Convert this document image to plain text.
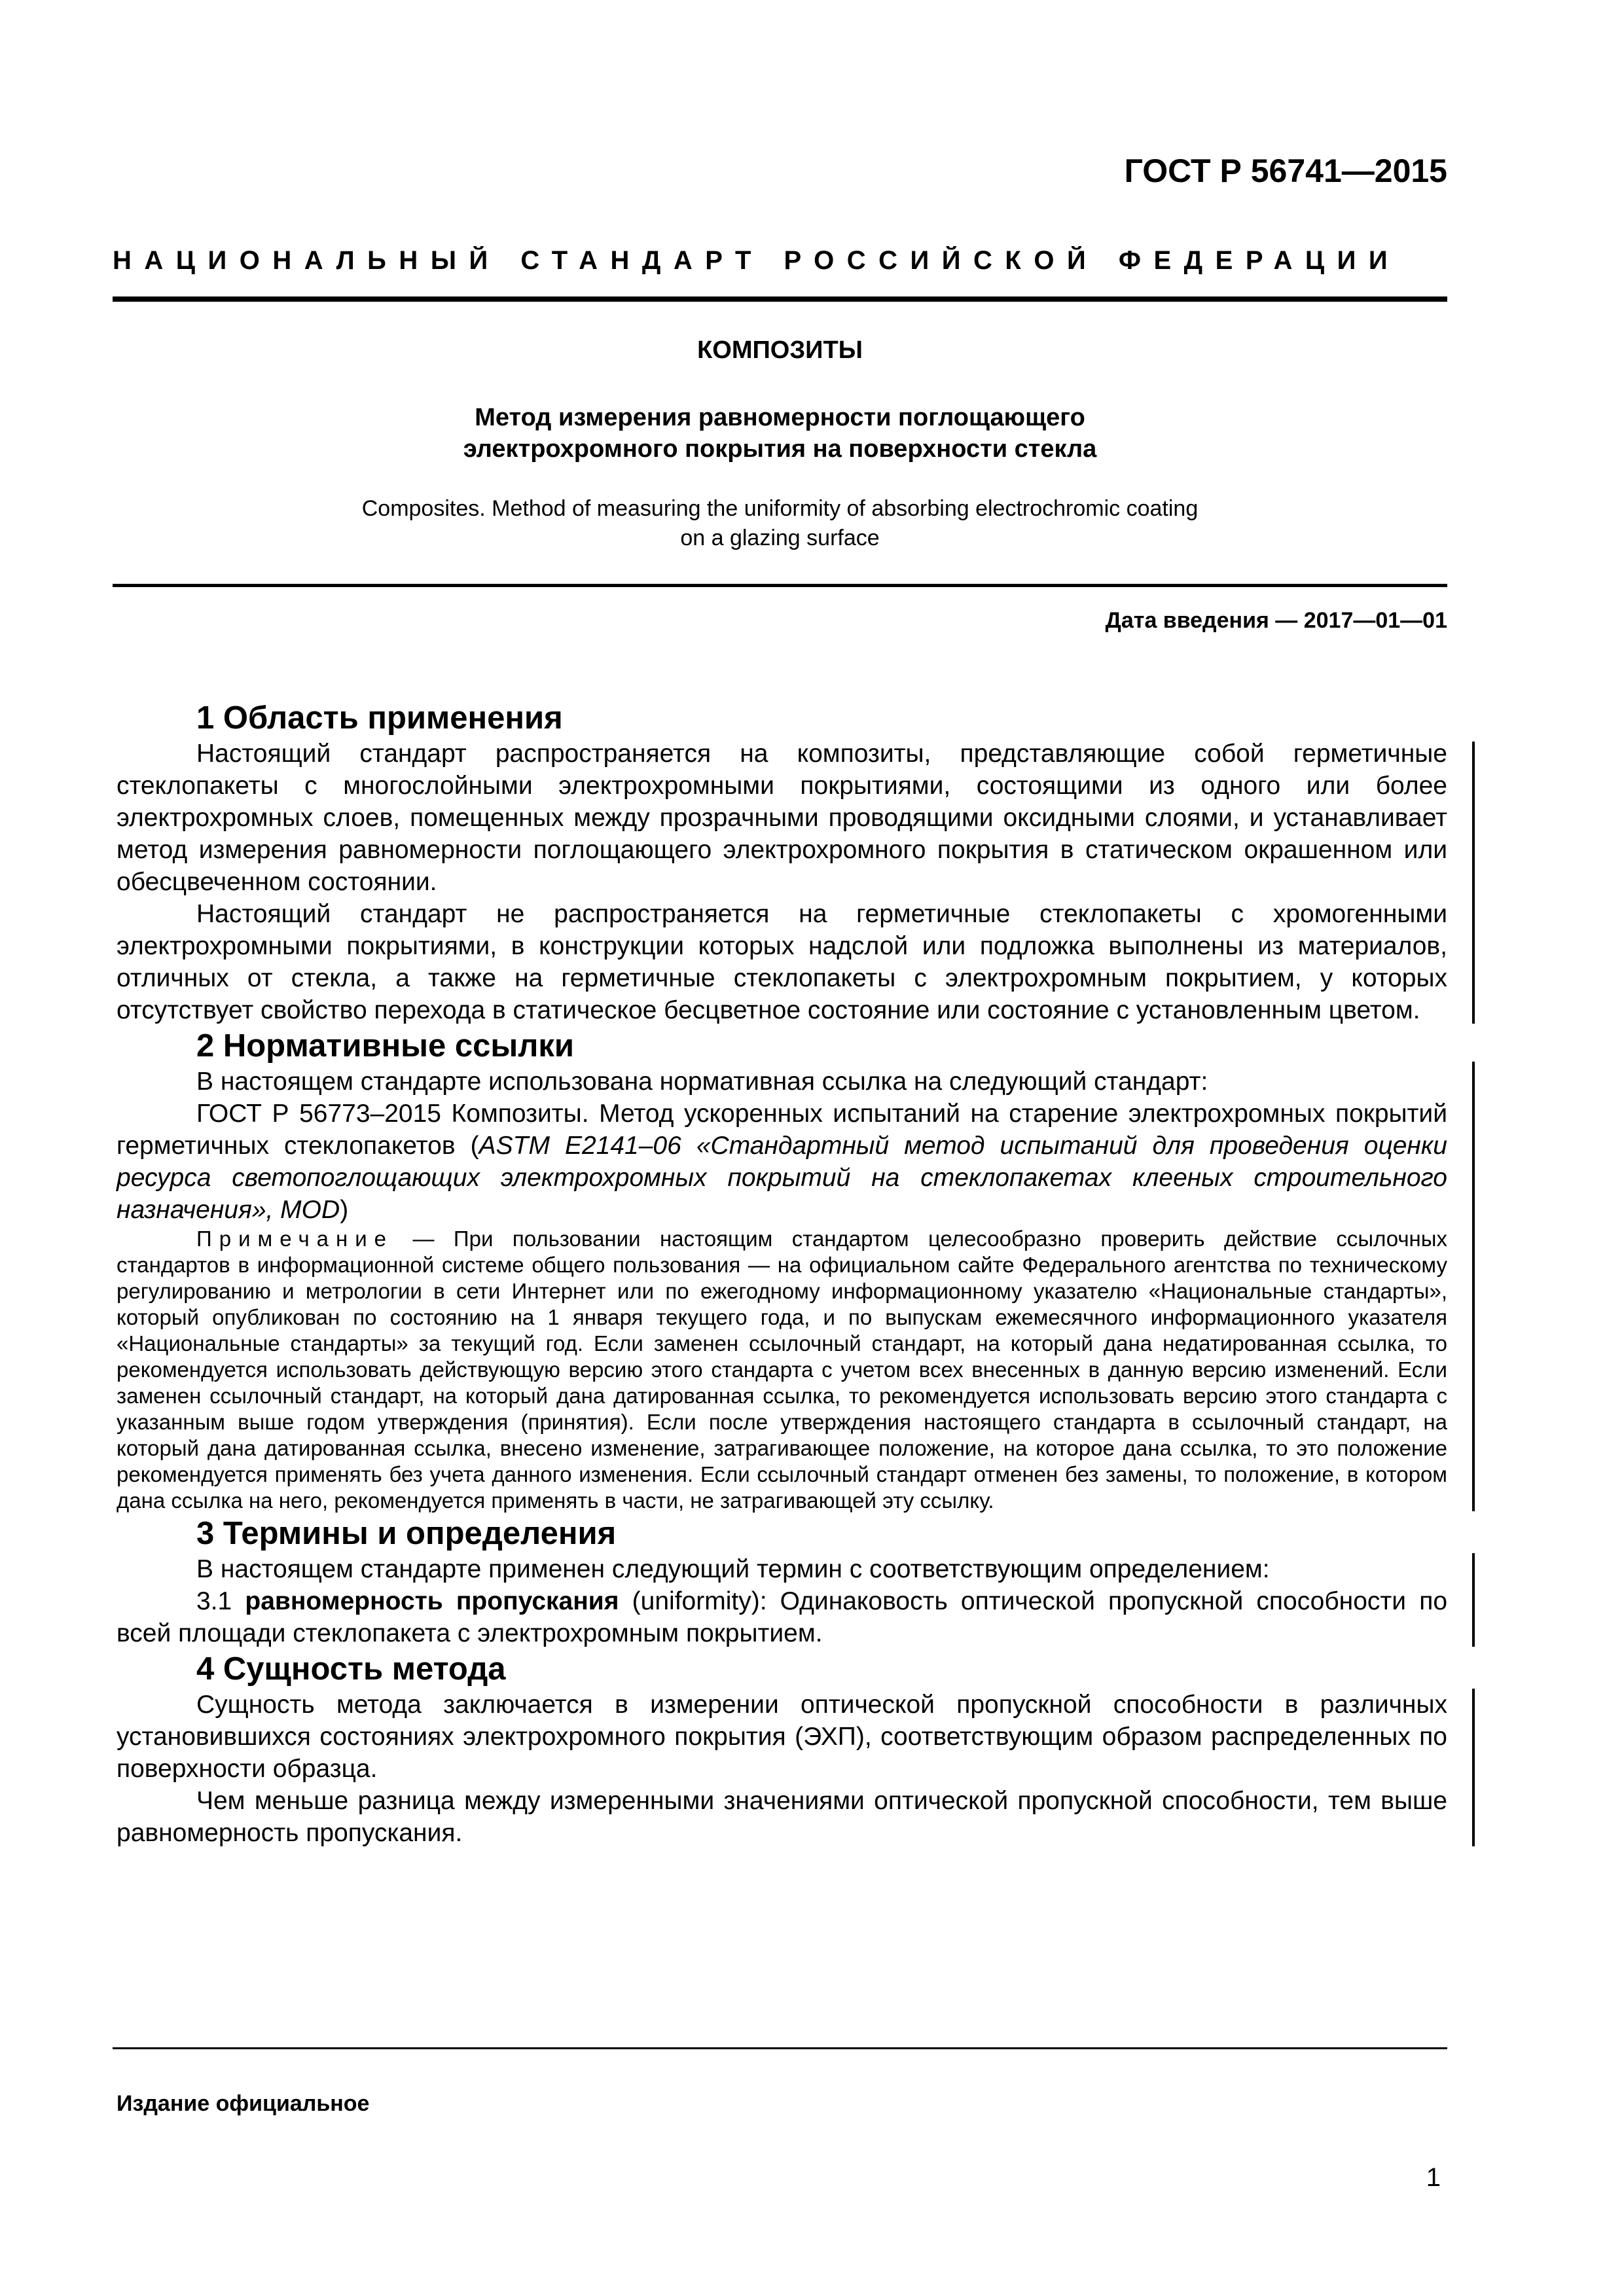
ГОСТ Р 56741—2015
НАЦИОНАЛЬНЫЙ СТАНДАРТ РОССИЙСКОЙ ФЕДЕРАЦИИ
КОМПОЗИТЫ
Метод измерения равномерности поглощающего
электрохромного покрытия на поверхности стекла
Composites. Method of measuring the uniformity of absorbing electrochromic coating
on a glazing surface
Дата введения — 2017—01—01
1 Область применения

Настоящий стандарт распространяется на композиты, представляющие собой герметичные стеклопакеты с многослойными электрохромными покрытиями, состоящими из одного или более электрохромных слоев, помещенных между прозрачными проводящими оксидными слоями, и устанавливает метод измерения равномерности поглощающего электрохромного покрытия в статическом окрашенном или обесцвеченном состоянии.

Настоящий стандарт не распространяется на герметичные стеклопакеты с хромогенными электрохромными покрытиями, в конструкции которых надслой или подложка выполнены из материалов, отличных от стекла, а также на герметичные стеклопакеты с электрохромным покрытием, у которых отсутствует свойство перехода в статическое бесцветное состояние или состояние с установленным цветом.

2 Нормативные ссылки

В настоящем стандарте использована нормативная ссылка на следующий стандарт:

ГОСТ Р 56773–2015 Композиты. Метод ускоренных испытаний на старение электрохромных покрытий герметичных стеклопакетов (ASTM E2141–06 «Стандартный метод испытаний для проведения оценки ресурса светопоглощающих электрохромных покрытий на стеклопакетах клееных строительного назначения», MOD)

Примечание — При пользовании настоящим стандартом целесообразно проверить действие ссылочных стандартов в информационной системе общего пользования — на официальном сайте Федерального агентства по техническому регулированию и метрологии в сети Интернет или по ежегодному информационному указателю «Национальные стандарты», который опубликован по состоянию на 1 января текущего года, и по выпускам ежемесячного информационного указателя «Национальные стандарты» за текущий год. Если заменен ссылочный стандарт, на который дана недатированная ссылка, то рекомендуется использовать действующую версию этого стандарта с учетом всех внесенных в данную версию изменений. Если заменен ссылочный стандарт, на который дана датированная ссылка, то рекомендуется использовать версию этого стандарта с указанным выше годом утверждения (принятия). Если после утверждения настоящего стандарта в ссылочный стандарт, на который дана датированная ссылка, внесено изменение, затрагивающее положение, на которое дана ссылка, то это положение рекомендуется применять без учета данного изменения. Если ссылочный стандарт отменен без замены, то положение, в котором дана ссылка на него, рекомендуется применять в части, не затрагивающей эту ссылку.

3 Термины и определения

В настоящем стандарте применен следующий термин с соответствующим определением:

3.1 равномерность пропускания (uniformity): Одинаковость оптической пропускной способности по всей площади стеклопакета с электрохромным покрытием.

4 Сущность метода

Сущность метода заключается в измерении оптической пропускной способности в различных установившихся состояниях электрохромного покрытия (ЭХП), соответствующим образом распределенных по поверхности образца.

Чем меньше разница между измеренными значениями оптической пропускной способности, тем выше равномерность пропускания.

Издание официальное
1
